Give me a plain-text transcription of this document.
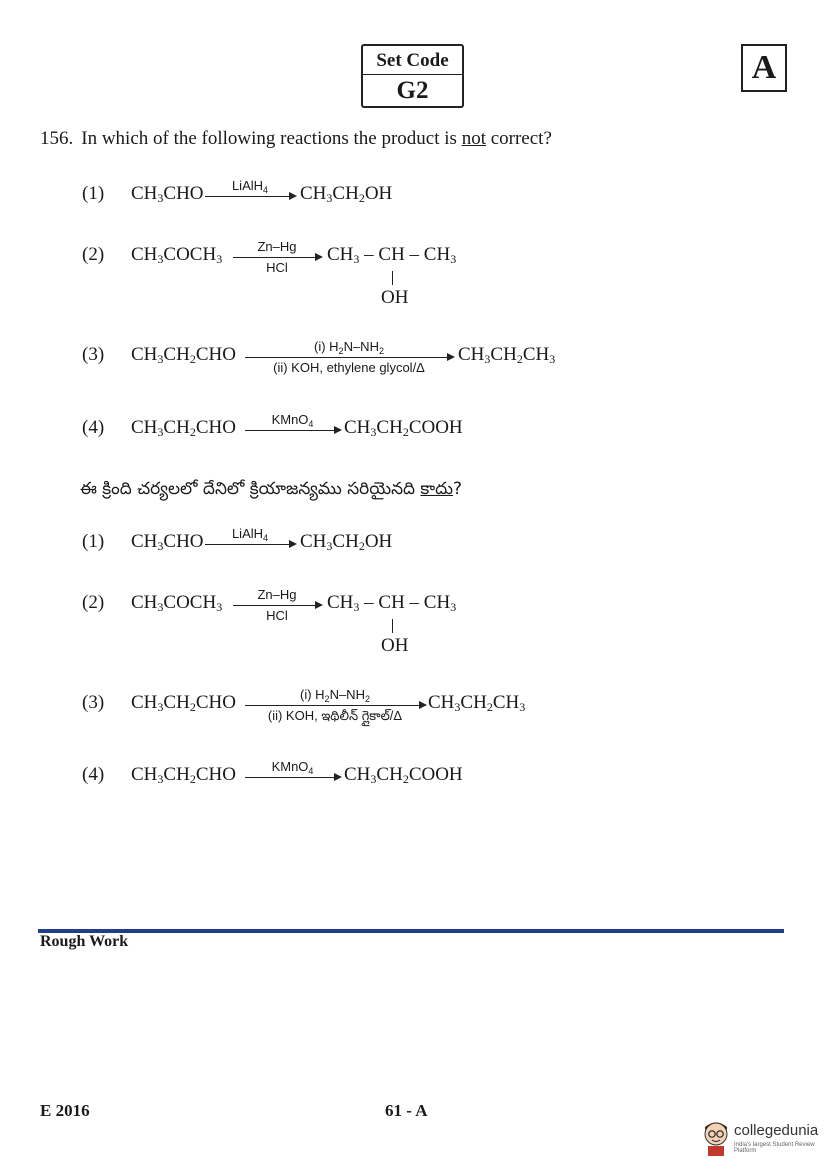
Set Code
G2
A
156. In which of the following reactions the product is not correct?
(1) $CH_3CHO$	LiAlH$_4$	$CH_3CH_2OH$
(2) $CH_3COCH_3$
Zn–Hg
HCl
$CH_3$ – CH – $CH_3$
OH
(3) $CH_3CH_2CHO$	(i) $H_2N-NH_2$
(ii) KOH, ethylene glycol/Δ
$CH_3CH_2CH_3$
(4) $CH_3CH_2CHO$	KMnO$_4$	$CH_3CH_2COOH$
ఈ క్రింది చర్యలలో దేనిలో క్రియాజన్యము సరియైనది కాదు?
(1) $CH_3CHO$	LiAlH$_4$	$CH_3CH_2OH$
(2) $CH_3COCH_3$
Zn–Hg
HCl
$CH_3$ – CH – $CH_3$
OH
(3) $CH_3CH_2CHO$	(i) $H_2N-NH_2$
(ii) KOH, ఇథిలీన్ గ్లైకాల్/Δ
$CH_3CH_2CH_3$
(4) $CH_3CH_2CHO$	KMnO$_4$	$CH_3CH_2COOH$
Rough Work
E 2016	61 - A
collegedunia
India's largest Student Review Platform
